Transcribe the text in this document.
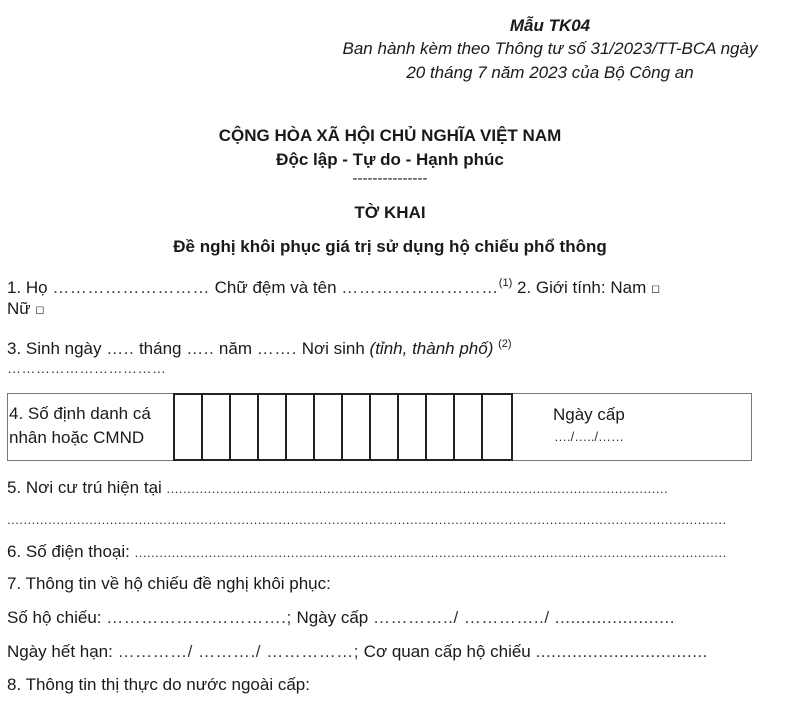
Mẫu TK04
Ban hành kèm theo Thông tư số 31/2023/TT-BCA ngày 20 tháng 7 năm 2023 của Bộ Công an
CỘNG HÒA XÃ HỘI CHỦ NGHĨA VIỆT NAM
Độc lập - Tự do - Hạnh phúc
---------------
TỜ KHAI
Đề nghị khôi phục giá trị sử dụng hộ chiếu phổ thông
1. Họ ……………………… Chữ đệm và tên ………………………$^{(1)}$ 2. Giới tính: Nam ◻
Nữ ◻
3. Sinh ngày ….. tháng ….. năm ……. Nơi sinh (tỉnh, thành phố) $^{(2)}$
……………………………
4. Số định danh cá nhân hoặc CMND
Ngày cấp
…./…../……
5. Nơi cư trú hiện tại ..........................................................................................................................
...............................................................................................................................................................................
6. Số điện thoại: ................................................................................................................................................
7. Thông tin về hộ chiếu đề nghị khôi phục:
Số hộ chiếu: ………………………….; Ngày cấp …………../ …………../ .......................
Ngày hết hạn: …………/ ………./ ……………; Cơ quan cấp hộ chiếu .................................
8. Thông tin thị thực do nước ngoài cấp:
